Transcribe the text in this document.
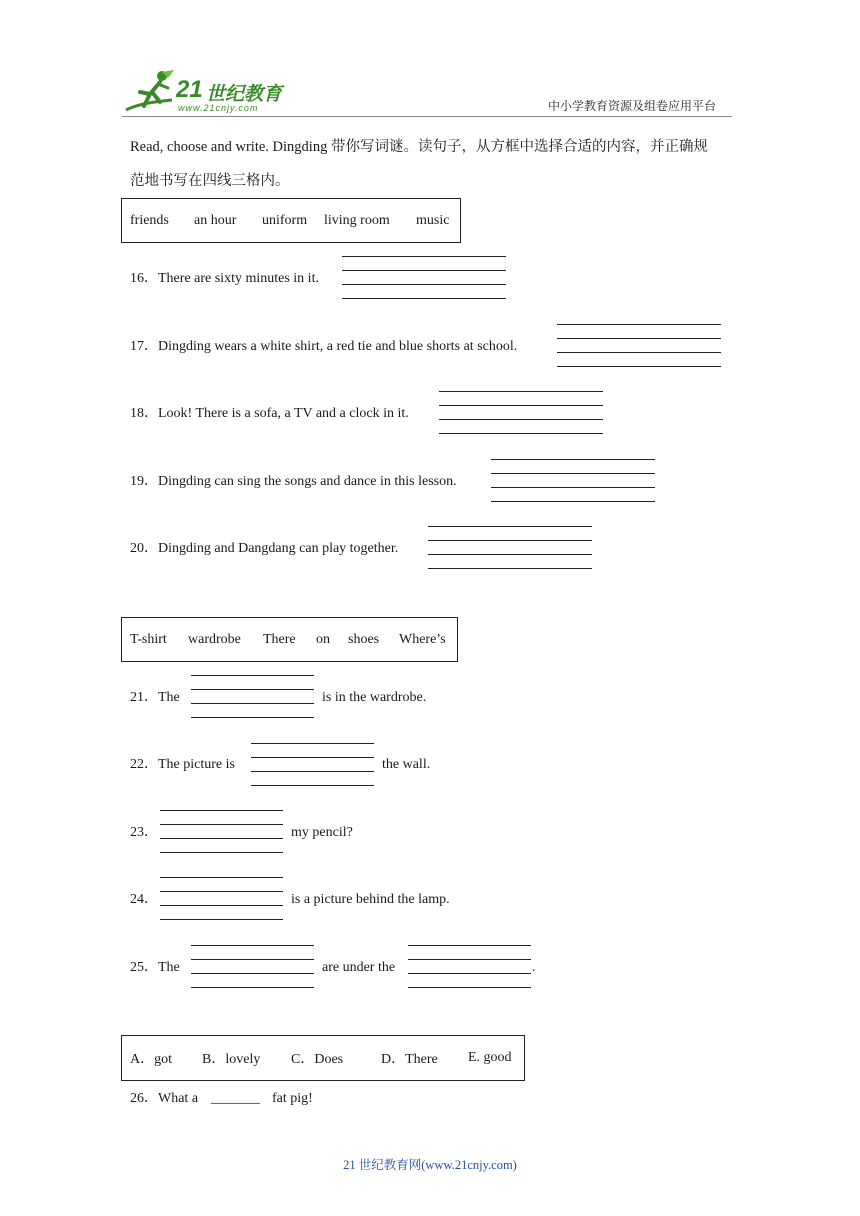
21 世纪教育
www.21cnjy.com	中小学教育资源及组卷应用平台
Read, choose and write. Dingding 带你写词谜。读句子，从方框中选择合适的内容，并正确规
范地书写在四线三格内。
friends an hour uniform living room music
16．There are sixty minutes in it.
17．Dingding wears a white shirt, a red tie and blue shorts at school.
18．Look! There is a sofa, a TV and a clock in it.
19．Dingding can sing the songs and dance in this lesson.
20．Dingding and Dangdang can play together.
T-shirt wardrobe There on shoes Where’s
21．The	is in the wardrobe.
22．The picture is	the wall.
23．	my pencil?
24．	is a picture behind the lamp.
25．The	are under the	.
A．got B．lovely C．Does	D．There E. good
26．What a _______ fat pig!
21 世纪教育网(www.21cnjy.com)
